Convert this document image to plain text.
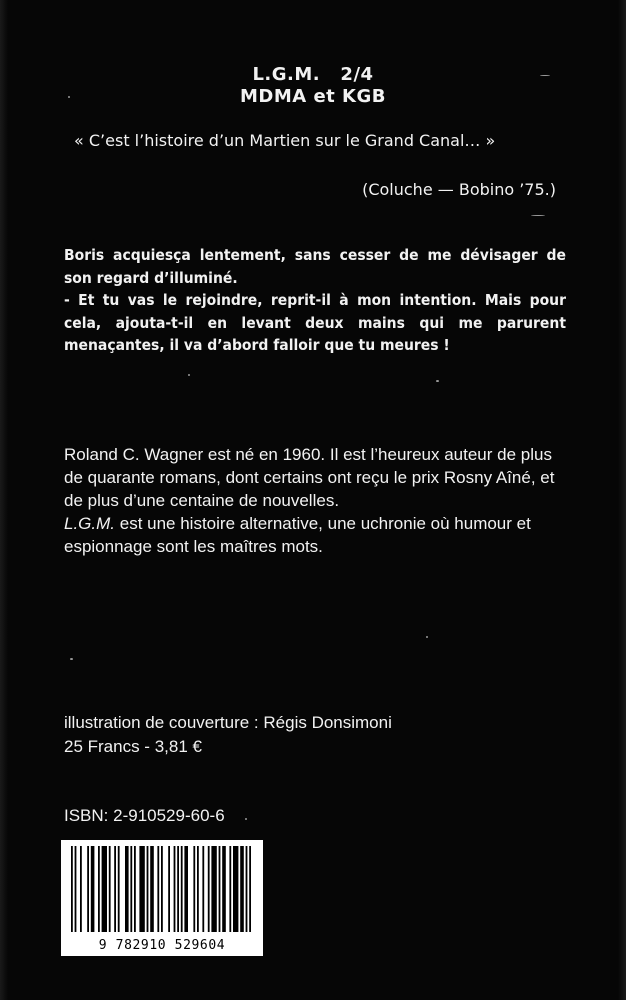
L.G.M.   2/4
MDMA et KGB
« C’est l’histoire d’un Martien sur le Grand Canal… »
(Coluche — Bobino ’75.)

Boris acquiesça lentement, sans cesser de me dévisager de son regard d’illuminé.

- Et tu vas le rejoindre, reprit-il à mon intention. Mais pour cela, ajouta-t-il en levant deux mains qui me parurent menaçantes, il va d’abord falloir que tu meures !

Roland C. Wagner est né en 1960. Il est l’heureux auteur de plus de quarante romans, dont certains ont reçu le prix Rosny Aîné, et de plus d’une centaine de nouvelles.

L.G.M. est une histoire alternative, une uchronie où humour et espionnage sont les maîtres mots.

illustration de couverture : Régis Donsimoni
25 Francs - 3,81 €
ISBN: 2-910529-60-6
9 782910 529604
